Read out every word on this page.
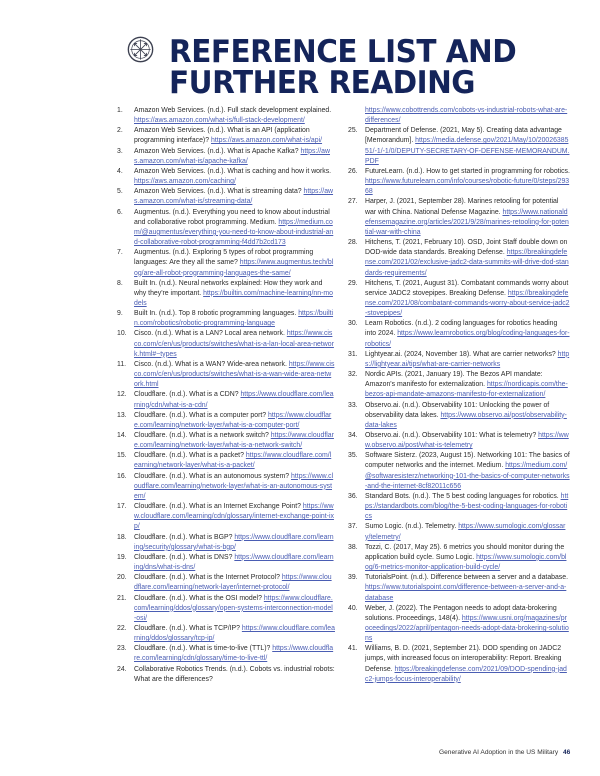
REFERENCE LIST AND
FURTHER READING
1.	Amazon Web Services. (n.d.). Full stack development explained. https://aws.amazon.com/what-is/full-stack-development/
2.	Amazon Web Services. (n.d.). What is an API (application programming interface)? https://aws.amazon.com/what-is/api/
3.	Amazon Web Services. (n.d.). What is Apache Kafka? https://aws.amazon.com/what-is/apache-kafka/
4.	Amazon Web Services. (n.d.). What is caching and how it works. https://aws.amazon.com/caching/
5.	Amazon Web Services. (n.d.). What is streaming data? https://aws.amazon.com/what-is/streaming-data/
6.	Augmentus. (n.d.). Everything you need to know about industrial and collaborative robot programming. Medium. https://medium.com/@augmentus/everything-you-need-to-know-about-industrial-and-collaborative-robot-programming-f4dd7b2cd173
7.	Augmentus. (n.d.). Exploring 5 types of robot programming languages: Are they all the same? https://www.augmentus.tech/blog/are-all-robot-programming-languages-the-same/
8.	Built In. (n.d.). Neural networks explained: How they work and why they're important. https://builtin.com/machine-learning/nn-models
9.	Built In. (n.d.). Top 8 robotic programming languages. https://builtin.com/robotics/robotic-programming-language
10.	Cisco. (n.d.). What is a LAN? Local area network. https://www.cisco.com/c/en/us/products/switches/what-is-a-lan-local-area-network.html#~types
11.	Cisco. (n.d.). What is a WAN? Wide-area network. https://www.cisco.com/c/en/us/products/switches/what-is-a-wan-wide-area-network.html
12.	Cloudflare. (n.d.). What is a CDN? https://www.cloudflare.com/learning/cdn/what-is-a-cdn/
13.	Cloudflare. (n.d.). What is a computer port? https://www.cloudflare.com/learning/network-layer/what-is-a-computer-port/
14.	Cloudflare. (n.d.). What is a network switch? https://www.cloudflare.com/learning/network-layer/what-is-a-network-switch/
15.	Cloudflare. (n.d.). What is a packet? https://www.cloudflare.com/learning/network-layer/what-is-a-packet/
16.	Cloudflare. (n.d.). What is an autonomous system? https://www.cloudflare.com/learning/network-layer/what-is-an-autonomous-system/
17.	Cloudflare. (n.d.). What is an Internet Exchange Point? https://www.cloudflare.com/learning/cdn/glossary/internet-exchange-point-ixp/
18.	Cloudflare. (n.d.). What is BGP? https://www.cloudflare.com/learning/security/glossary/what-is-bgp/
19.	Cloudflare. (n.d.). What is DNS? https://www.cloudflare.com/learning/dns/what-is-dns/
20.	Cloudflare. (n.d.). What is the Internet Protocol? https://www.cloudflare.com/learning/network-layer/internet-protocol/
21.	Cloudflare. (n.d.). What is the OSI model? https://www.cloudflare.com/learning/ddos/glossary/open-systems-interconnection-model-osi/
22.	Cloudflare. (n.d.). What is TCP/IP? https://www.cloudflare.com/learning/ddos/glossary/tcp-ip/
23.	Cloudflare. (n.d.). What is time-to-live (TTL)? https://www.cloudflare.com/learning/cdn/glossary/time-to-live-ttl/
24.	Collaborative Robotics Trends. (n.d.). Cobots vs. industrial robots: What are the differences?
https://www.cobottrends.com/cobots-vs-industrial-robots-what-are-differences/
25.	Department of Defense. (2021, May 5). Creating data advantage [Memorandum]. https://media.defense.gov/2021/May/10/2002638551/-1/-1/0/DEPUTY-SECRETARY-OF-DEFENSE-MEMORANDUM.PDF
26.	FutureLearn. (n.d.). How to get started in programming for robotics. https://www.futurelearn.com/info/courses/robotic-future/0/steps/29368
27.	Harper, J. (2021, September 28). Marines retooling for potential war with China. National Defense Magazine. https://www.nationaldefensemagazine.org/articles/2021/9/28/marines-retooling-for-potential-war-with-china
28.	Hitchens, T. (2021, February 10). OSD, Joint Staff double down on DOD-wide data standards. Breaking Defense. https://breakingdefense.com/2021/02/exclusive-jadc2-data-summits-will-drive-dod-standards-requirements/
29.	Hitchens, T. (2021, August 31). Combatant commands worry about service JADC2 stovepipes. Breaking Defense. https://breakingdefense.com/2021/08/combatant-commands-worry-about-service-jadc2-stovepipes/
30.	Learn Robotics. (n.d.). 2 coding languages for robotics heading into 2024. https://www.learnrobotics.org/blog/coding-languages-for-robotics/
31.	Lightyear.ai. (2024, November 18). What are carrier networks? https://lightyear.ai/tips/what-are-carrier-networks
32.	Nordic APIs. (2021, January 19). The Bezos API mandate: Amazon's manifesto for externalization. https://nordicapis.com/the-bezos-api-mandate-amazons-manifesto-for-externalization/
33.	Observo.ai. (n.d.). Observability 101: Unlocking the power of observability data lakes. https://www.observo.ai/post/observability-data-lakes
34.	Observo.ai. (n.d.). Observability 101: What is telemetry? https://www.observo.ai/post/what-is-telemetry
35.	Software Sisterz. (2023, August 15). Networking 101: The basics of computer networks and the internet. Medium. https://medium.com/@softwaresisterz/networking-101-the-basics-of-computer-networks-and-the-internet-8cf82011c656
36.	Standard Bots. (n.d.). The 5 best coding languages for robotics. https://standardbots.com/blog/the-5-best-coding-languages-for-robotics
37.	Sumo Logic. (n.d.). Telemetry. https://www.sumologic.com/glossary/telemetry/
38.	Tozzi, C. (2017, May 25). 6 metrics you should monitor during the application build cycle. Sumo Logic. https://www.sumologic.com/blog/6-metrics-monitor-application-build-cycle/
39.	TutorialsPoint. (n.d.). Difference between a server and a database. https://www.tutorialspoint.com/difference-between-a-server-and-a-database
40.	Weber, J. (2022). The Pentagon needs to adopt data-brokering solutions. Proceedings, 148(4). https://www.usni.org/magazines/proceedings/2022/april/pentagon-needs-adopt-data-brokering-solutions
41.	Williams, B. D. (2021, September 21). DOD spending on JADC2 jumps, with increased focus on interoperability: Report. Breaking Defense. https://breakingdefense.com/2021/09/DOD-spending-jadc2-jumps-focus-interoperability/
Generative AI Adoption in the US Military 46
